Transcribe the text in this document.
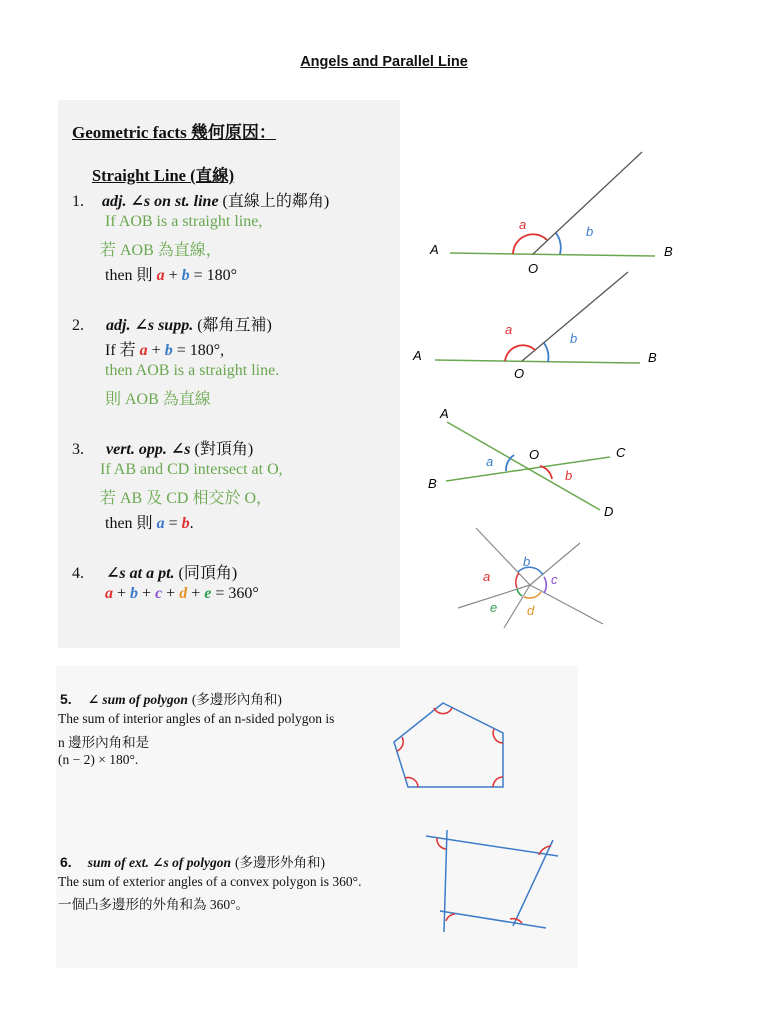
Angels and Parallel Line
Geometric facts 幾何原因：
Straight Line (直線)
1. adj. ∠s on st. line (直線上的鄰角)
If AOB is a straight line,
若 AOB 為直線，
then 則 a + b = 180°
2. adj. ∠s supp. (鄰角互補)
If 若 a + b = 180°,
then AOB is a straight line.
則 AOB 為直線
3. vert. opp. ∠s (對頂角)
If AB and CD intersect at O,
若 AB 及 CD 相交於 O，
then 則 a = b.
4. ∠s at a pt. (同頂角)
a + b + c + d + e = 360°
5. ∠ sum of polygon (多邊形內角和)
The sum of interior angles of an n-sided polygon is
n 邊形內角和是
(n − 2) × 180°.
6. sum of ext. ∠s of polygon (多邊形外角和)
The sum of exterior angles of a convex polygon is 360°.
一個凸多邊形的外角和為 360°。
A	B
O
a	b
A	B
O
a
b
A
B
C
D
O
a
b
b
a	c
d
e
